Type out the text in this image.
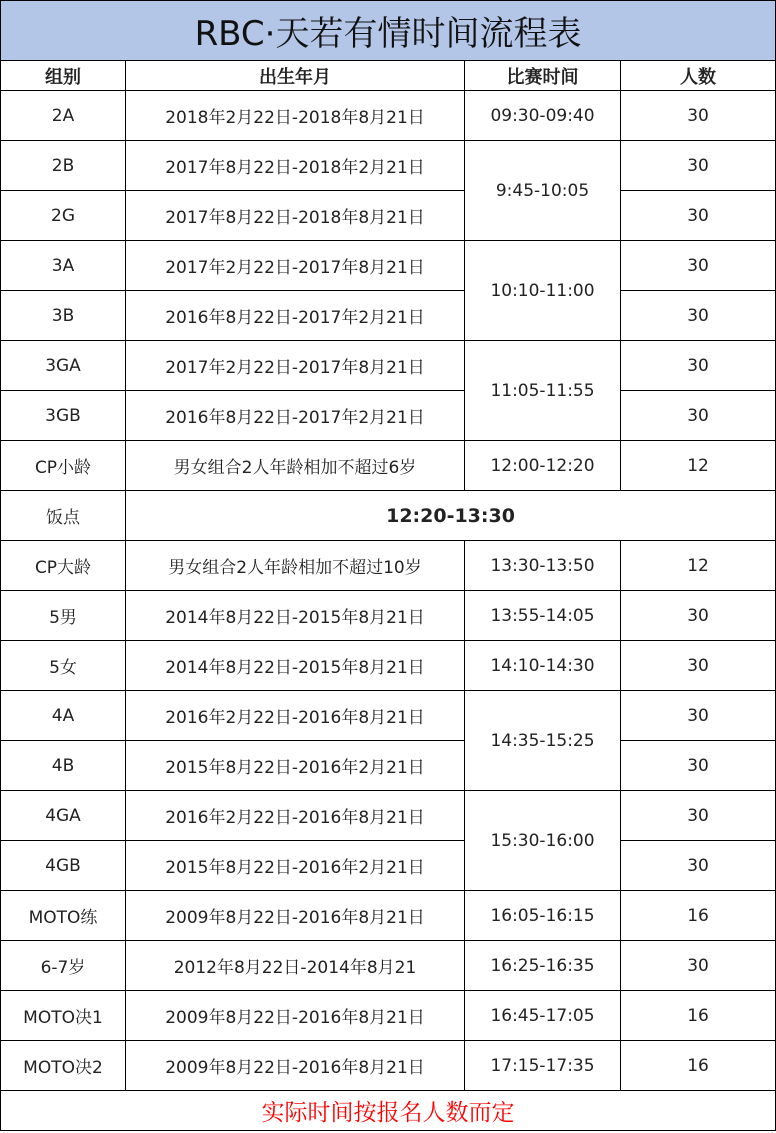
RBC·天若有情时间流程表			
组别	出生年月	比赛时间	人数
2A	2018年2月22日-2018年8月21日	09:30-09:40	30
2B	2017年8月22日-2018年2月21日	9:45-10:05	30
2G	2017年8月22日-2018年8月21日		30
3A	2017年2月22日-2017年8月21日	10:10-11:00	30
3B	2016年8月22日-2017年2月21日		30
3GA	2017年2月22日-2017年8月21日	11:05-11:55	30
3GB	2016年8月22日-2017年2月21日		30
CP小龄	男女组合2人年龄相加不超过6岁	12:00-12:20	12
饭点	12:20-13:30		
CP大龄	男女组合2人年龄相加不超过10岁	13:30-13:50	12
5男	2014年8月22日-2015年8月21日	13:55-14:05	30
5女	2014年8月22日-2015年8月21日	14:10-14:30	30
4A	2016年2月22日-2016年8月21日	14:35-15:25	30
4B	2015年8月22日-2016年2月21日		30
4GA	2016年2月22日-2016年8月21日	15:30-16:00	30
4GB	2015年8月22日-2016年2月21日		30
MOTO练	2009年8月22日-2016年8月21日	16:05-16:15	16
6-7岁	2012年8月22日-2014年8月21	16:25-16:35	30
MOTO决1	2009年8月22日-2016年8月21日	16:45-17:05	16
MOTO决2	2009年8月22日-2016年8月21日	17:15-17:35	16
实际时间按报名人数而定			
